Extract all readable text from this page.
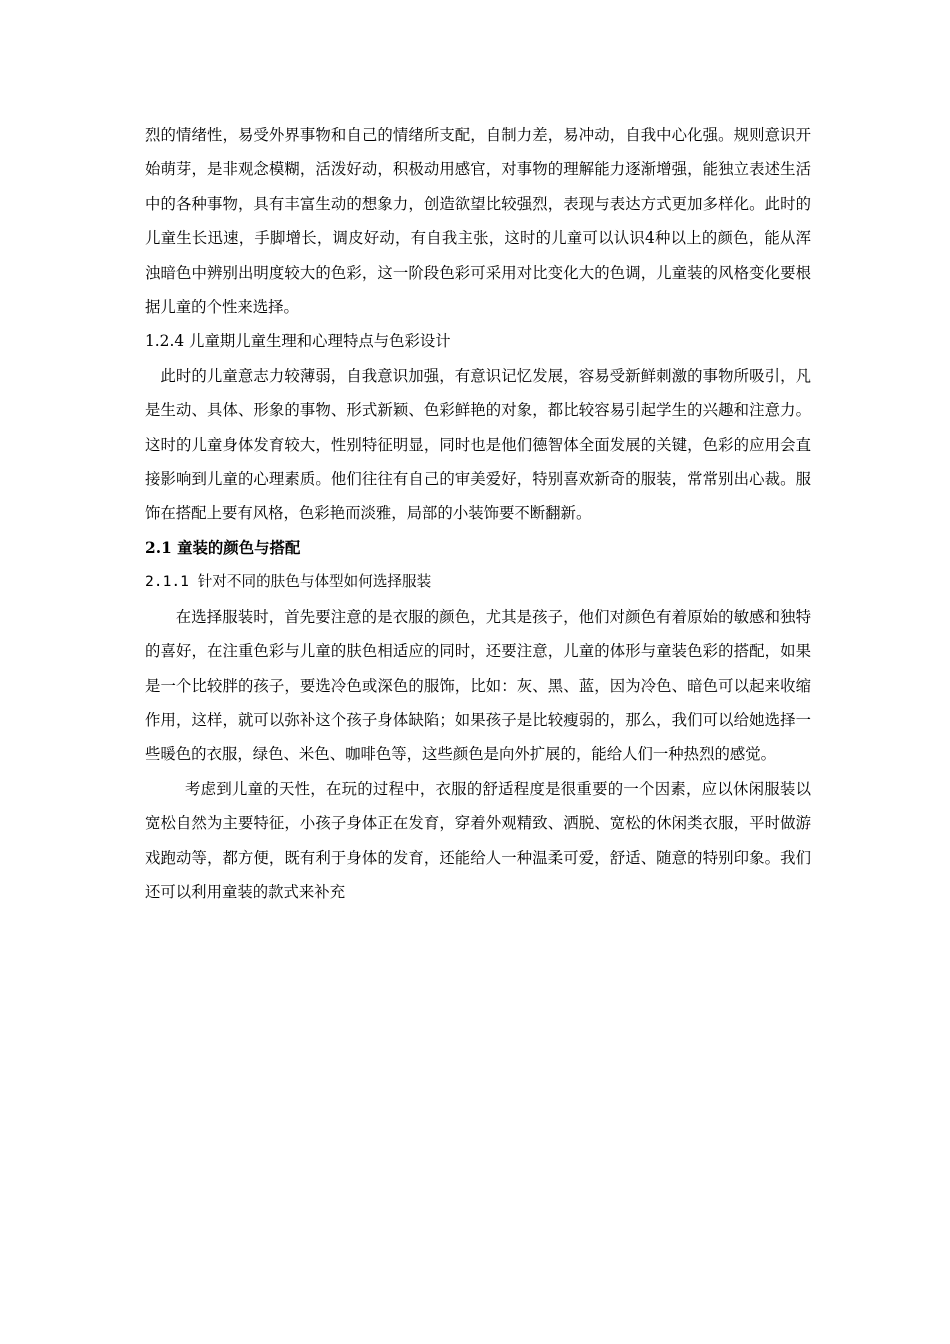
烈的情绪性，易受外界事物和自己的情绪所支配，自制力差，易冲动，自我中心化强。规则意识开始萌芽，是非观念模糊，活泼好动，积极动用感官，对事物的理解能力逐渐增强，能独立表述生活中的各种事物，具有丰富生动的想象力，创造欲望比较强烈，表现与表达方式更加多样化。此时的儿童生长迅速，手脚增长，调皮好动，有自我主张，这时的儿童可以认识4种以上的颜色，能从浑浊暗色中辨别出明度较大的色彩，这一阶段色彩可采用对比变化大的色调，儿童装的风格变化要根据儿童的个性来选择。

1.2.4 儿童期儿童生理和心理特点与色彩设计

此时的儿童意志力较薄弱，自我意识加强，有意识记忆发展，容易受新鲜刺激的事物所吸引，凡是生动、具体、形象的事物、形式新颖、色彩鲜艳的对象，都比较容易引起学生的兴趣和注意力。这时的儿童身体发育较大，性别特征明显，同时也是他们德智体全面发展的关键，色彩的应用会直接影响到儿童的心理素质。他们往往有自己的审美爱好，特别喜欢新奇的服装，常常别出心裁。服饰在搭配上要有风格，色彩艳而淡雅，局部的小装饰要不断翻新。

2.1 童装的颜色与搭配

2.1.1 针对不同的肤色与体型如何选择服装

在选择服装时，首先要注意的是衣服的颜色，尤其是孩子，他们对颜色有着原始的敏感和独特的喜好，在注重色彩与儿童的肤色相适应的同时，还要注意，儿童的体形与童装色彩的搭配，如果是一个比较胖的孩子，要选冷色或深色的服饰，比如：灰、黑、蓝，因为冷色、暗色可以起来收缩作用，这样，就可以弥补这个孩子身体缺陷；如果孩子是比较瘦弱的，那么，我们可以给她选择一些暖色的衣服，绿色、米色、咖啡色等，这些颜色是向外扩展的，能给人们一种热烈的感觉。

考虑到儿童的天性，在玩的过程中，衣服的舒适程度是很重要的一个因素，应以休闲服装以宽松自然为主要特征，小孩子身体正在发育，穿着外观精致、洒脱、宽松的休闲类衣服，平时做游戏跑动等，都方便，既有利于身体的发育，还能给人一种温柔可爱，舒适、随意的特别印象。我们还可以利用童装的款式来补充
